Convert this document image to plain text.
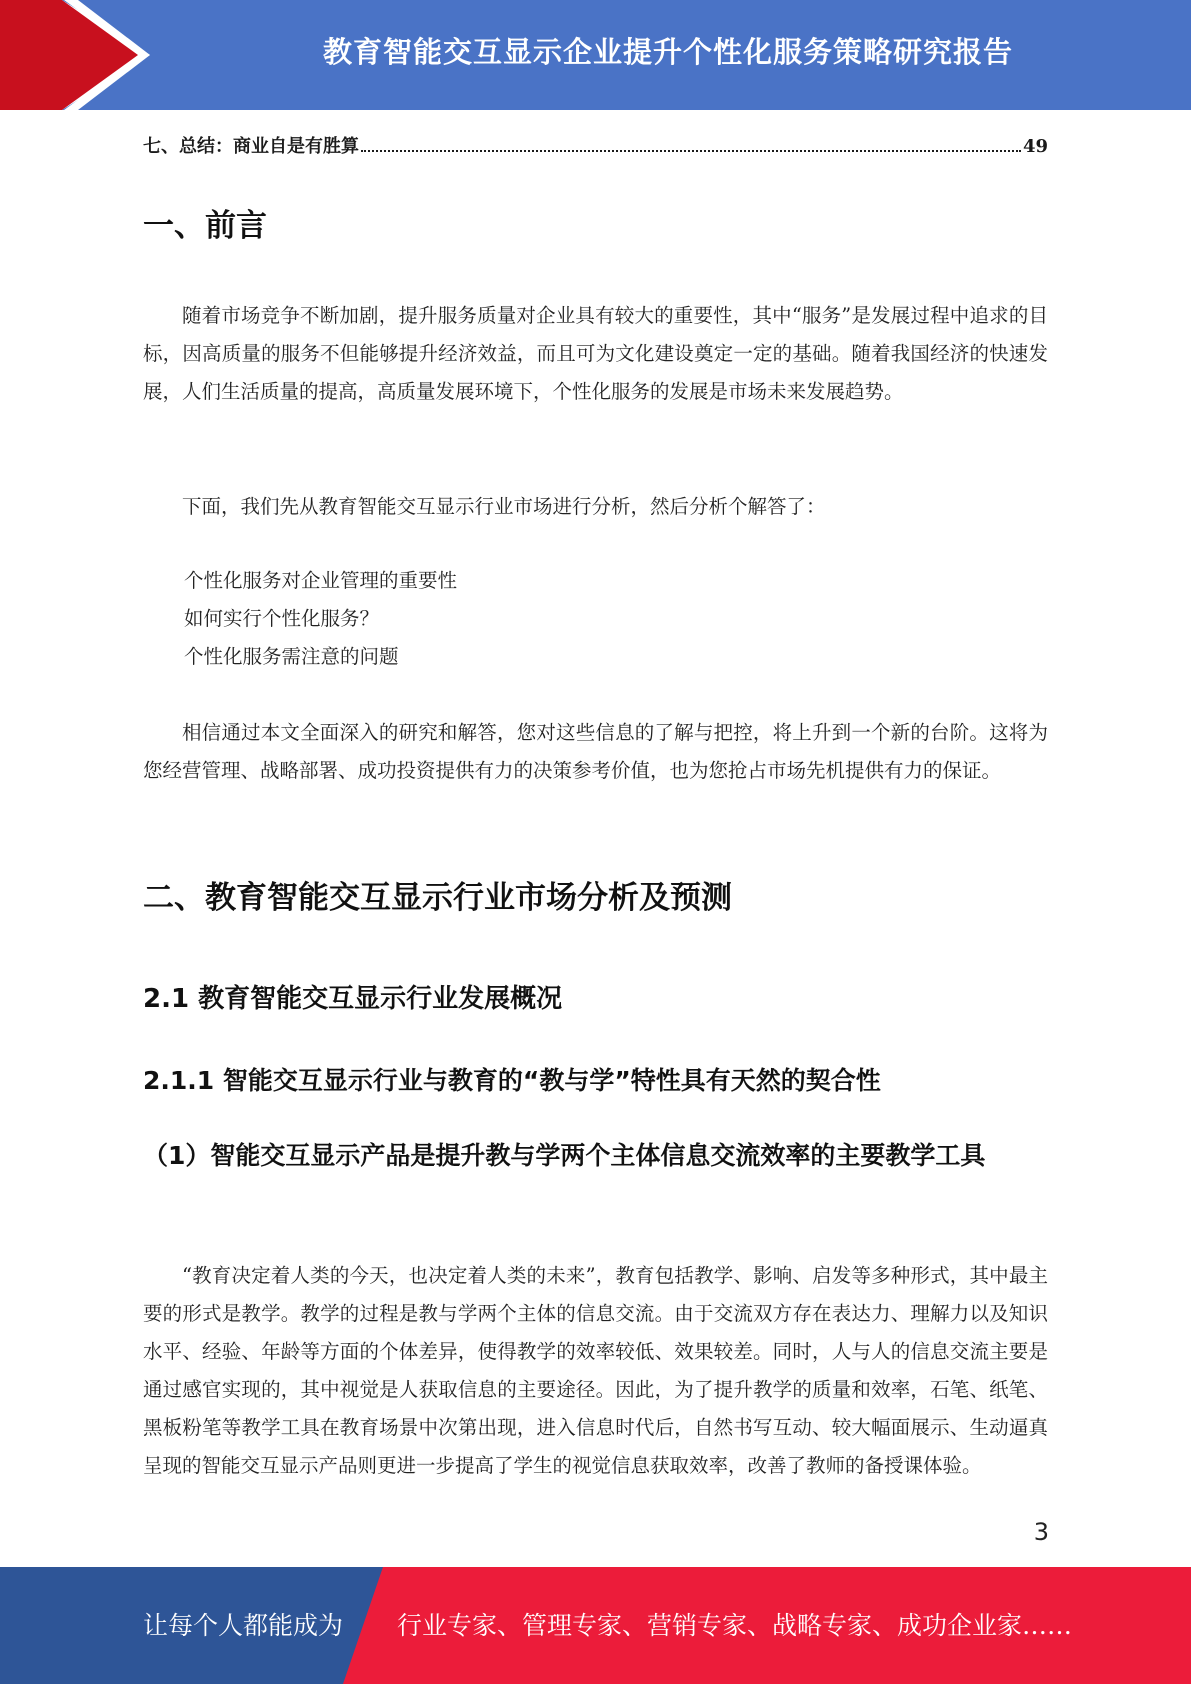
教育智能交互显示企业提升个性化服务策略研究报告
七、总结：商业自是有胜算	49
一、前言

随着市场竞争不断加剧，提升服务质量对企业具有较大的重要性，其中“服务”是发展过程中追求的目标，因高质量的服务不但能够提升经济效益，而且可为文化建设奠定一定的基础。随着我国经济的快速发展，人们生活质量的提高，高质量发展环境下，个性化服务的发展是市场未来发展趋势。

下面，我们先从教育智能交互显示行业市场进行分析，然后分析个解答了：

个性化服务对企业管理的重要性
如何实行个性化服务？
个性化服务需注意的问题

相信通过本文全面深入的研究和解答，您对这些信息的了解与把控，将上升到一个新的台阶。这将为您经营管理、战略部署、成功投资提供有力的决策参考价值，也为您抢占市场先机提供有力的保证。

二、教育智能交互显示行业市场分析及预测
2.1 教育智能交互显示行业发展概况
2.1.1 智能交互显示行业与教育的“教与学”特性具有天然的契合性
（1）智能交互显示产品是提升教与学两个主体信息交流效率的主要教学工具

“教育决定着人类的今天，也决定着人类的未来”，教育包括教学、影响、启发等多种形式，其中最主要的形式是教学。教学的过程是教与学两个主体的信息交流。由于交流双方存在表达力、理解力以及知识水平、经验、年龄等方面的个体差异，使得教学的效率较低、效果较差。同时，人与人的信息交流主要是通过感官实现的，其中视觉是人获取信息的主要途径。因此，为了提升教学的质量和效率，石笔、纸笔、黑板粉笔等教学工具在教育场景中次第出现，进入信息时代后，自然书写互动、较大幅面展示、生动逼真呈现的智能交互显示产品则更进一步提高了学生的视觉信息获取效率，改善了教师的备授课体验。

3
让每个人都能成为 行业专家、管理专家、营销专家、战略专家、成功企业家……
